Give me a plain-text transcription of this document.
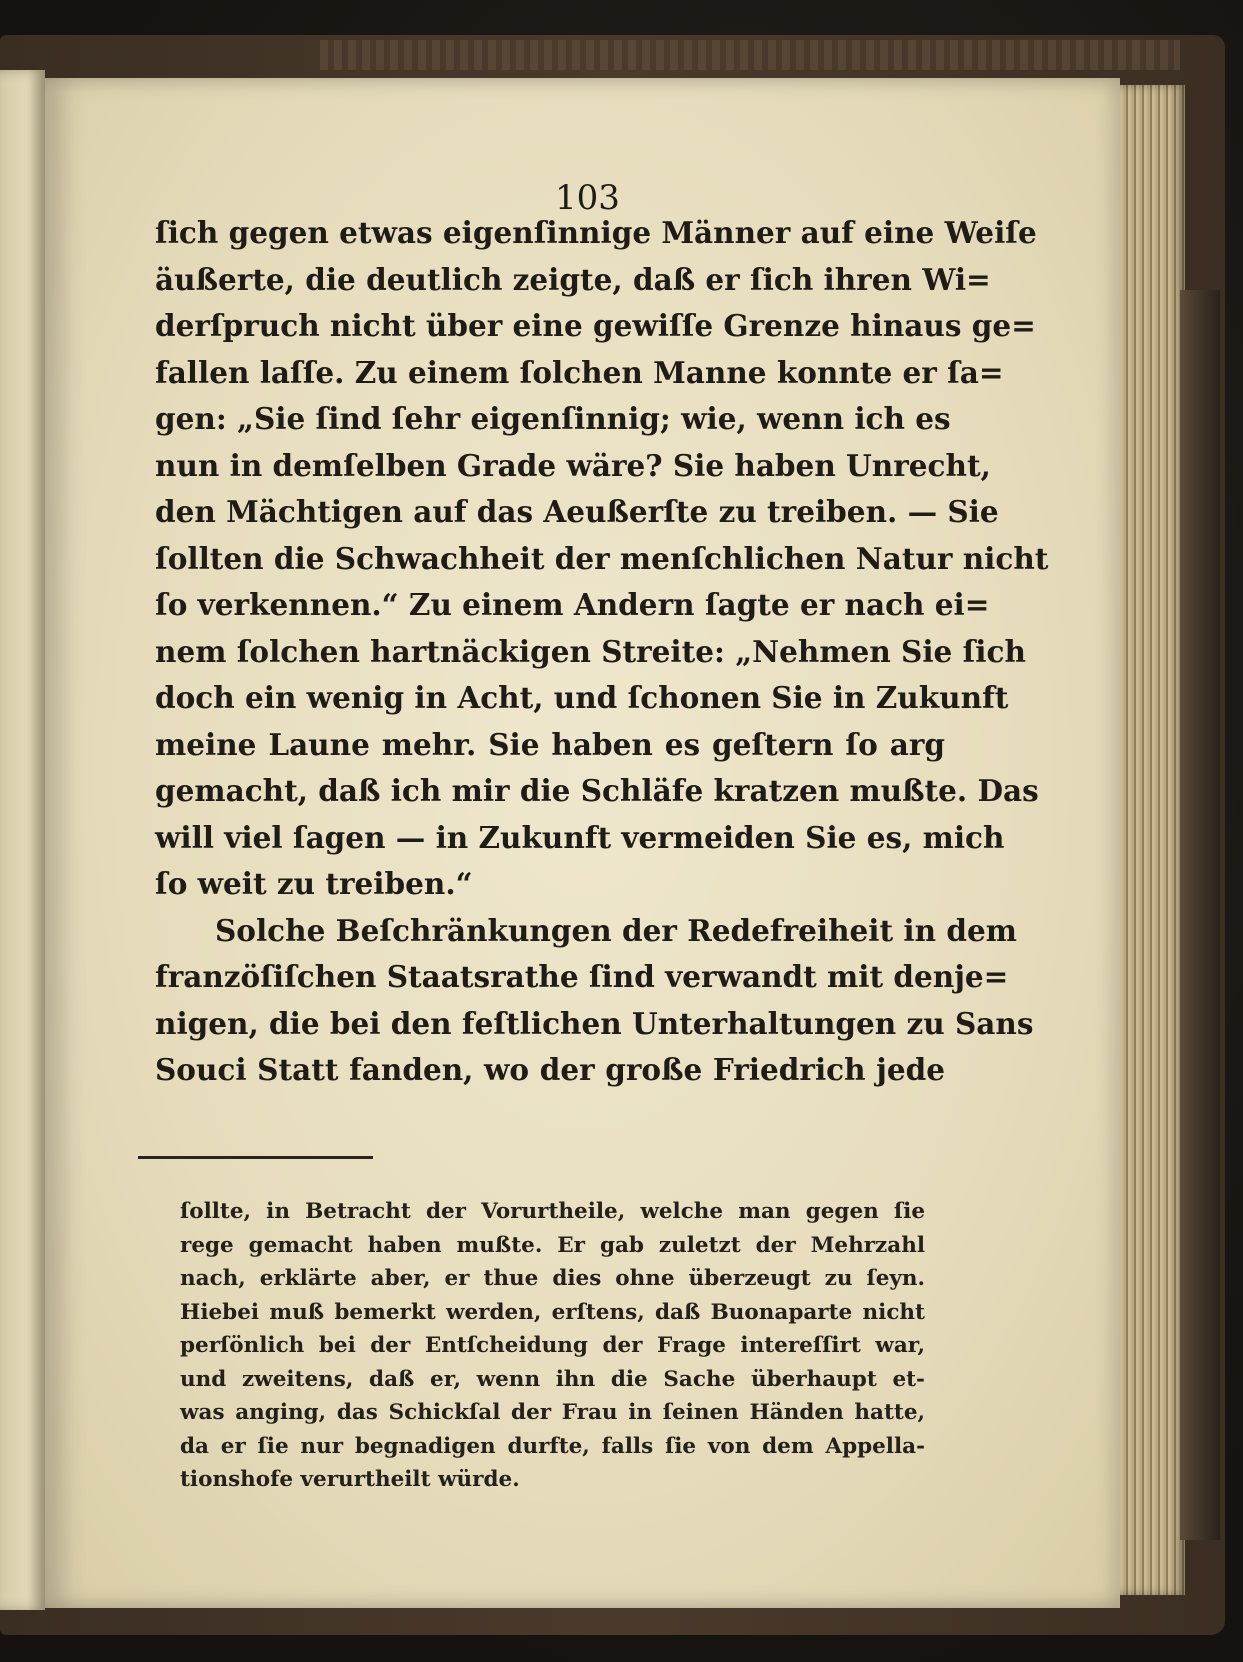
103
ſich gegen etwas eigenſinnige Männer auf eine Weiſe
äußerte, die deutlich zeigte, daß er ſich ihren Wi=
derſpruch nicht über eine gewiſſe Grenze hinaus ge=
fallen laſſe. Zu einem ſolchen Manne konnte er ſa=
gen: „Sie ſind ſehr eigenſinnig; wie, wenn ich es
nun in demſelben Grade wäre? Sie haben Unrecht,
den Mächtigen auf das Aeußerſte zu treiben. — Sie
ſollten die Schwachheit der menſchlichen Natur nicht
ſo verkennen.“ Zu einem Andern ſagte er nach ei=
nem ſolchen hartnäckigen Streite: „Nehmen Sie ſich
doch ein wenig in Acht, und ſchonen Sie in Zukunft
meine Laune mehr. Sie haben es geſtern ſo arg
gemacht, daß ich mir die Schläfe kratzen mußte. Das
will viel ſagen — in Zukunft vermeiden Sie es, mich
ſo weit zu treiben.“
Solche Beſchränkungen der Redefreiheit in dem
franzöſiſchen Staatsrathe ſind verwandt mit denje=
nigen, die bei den feſtlichen Unterhaltungen zu Sans
Souci Statt fanden, wo der große Friedrich jede
ſollte, in Betracht der Vorurtheile, welche man gegen ſie
rege gemacht haben mußte. Er gab zuletzt der Mehrzahl
nach, erklärte aber, er thue dies ohne überzeugt zu ſeyn.
Hiebei muß bemerkt werden, erſtens, daß Buonaparte nicht
perſönlich bei der Entſcheidung der Frage intereſſirt war,
und zweitens, daß er, wenn ihn die Sache überhaupt et-
was anging, das Schickſal der Frau in ſeinen Händen hatte,
da er ſie nur begnadigen durfte, falls ſie von dem Appella-
tionshofe verurtheilt würde.
